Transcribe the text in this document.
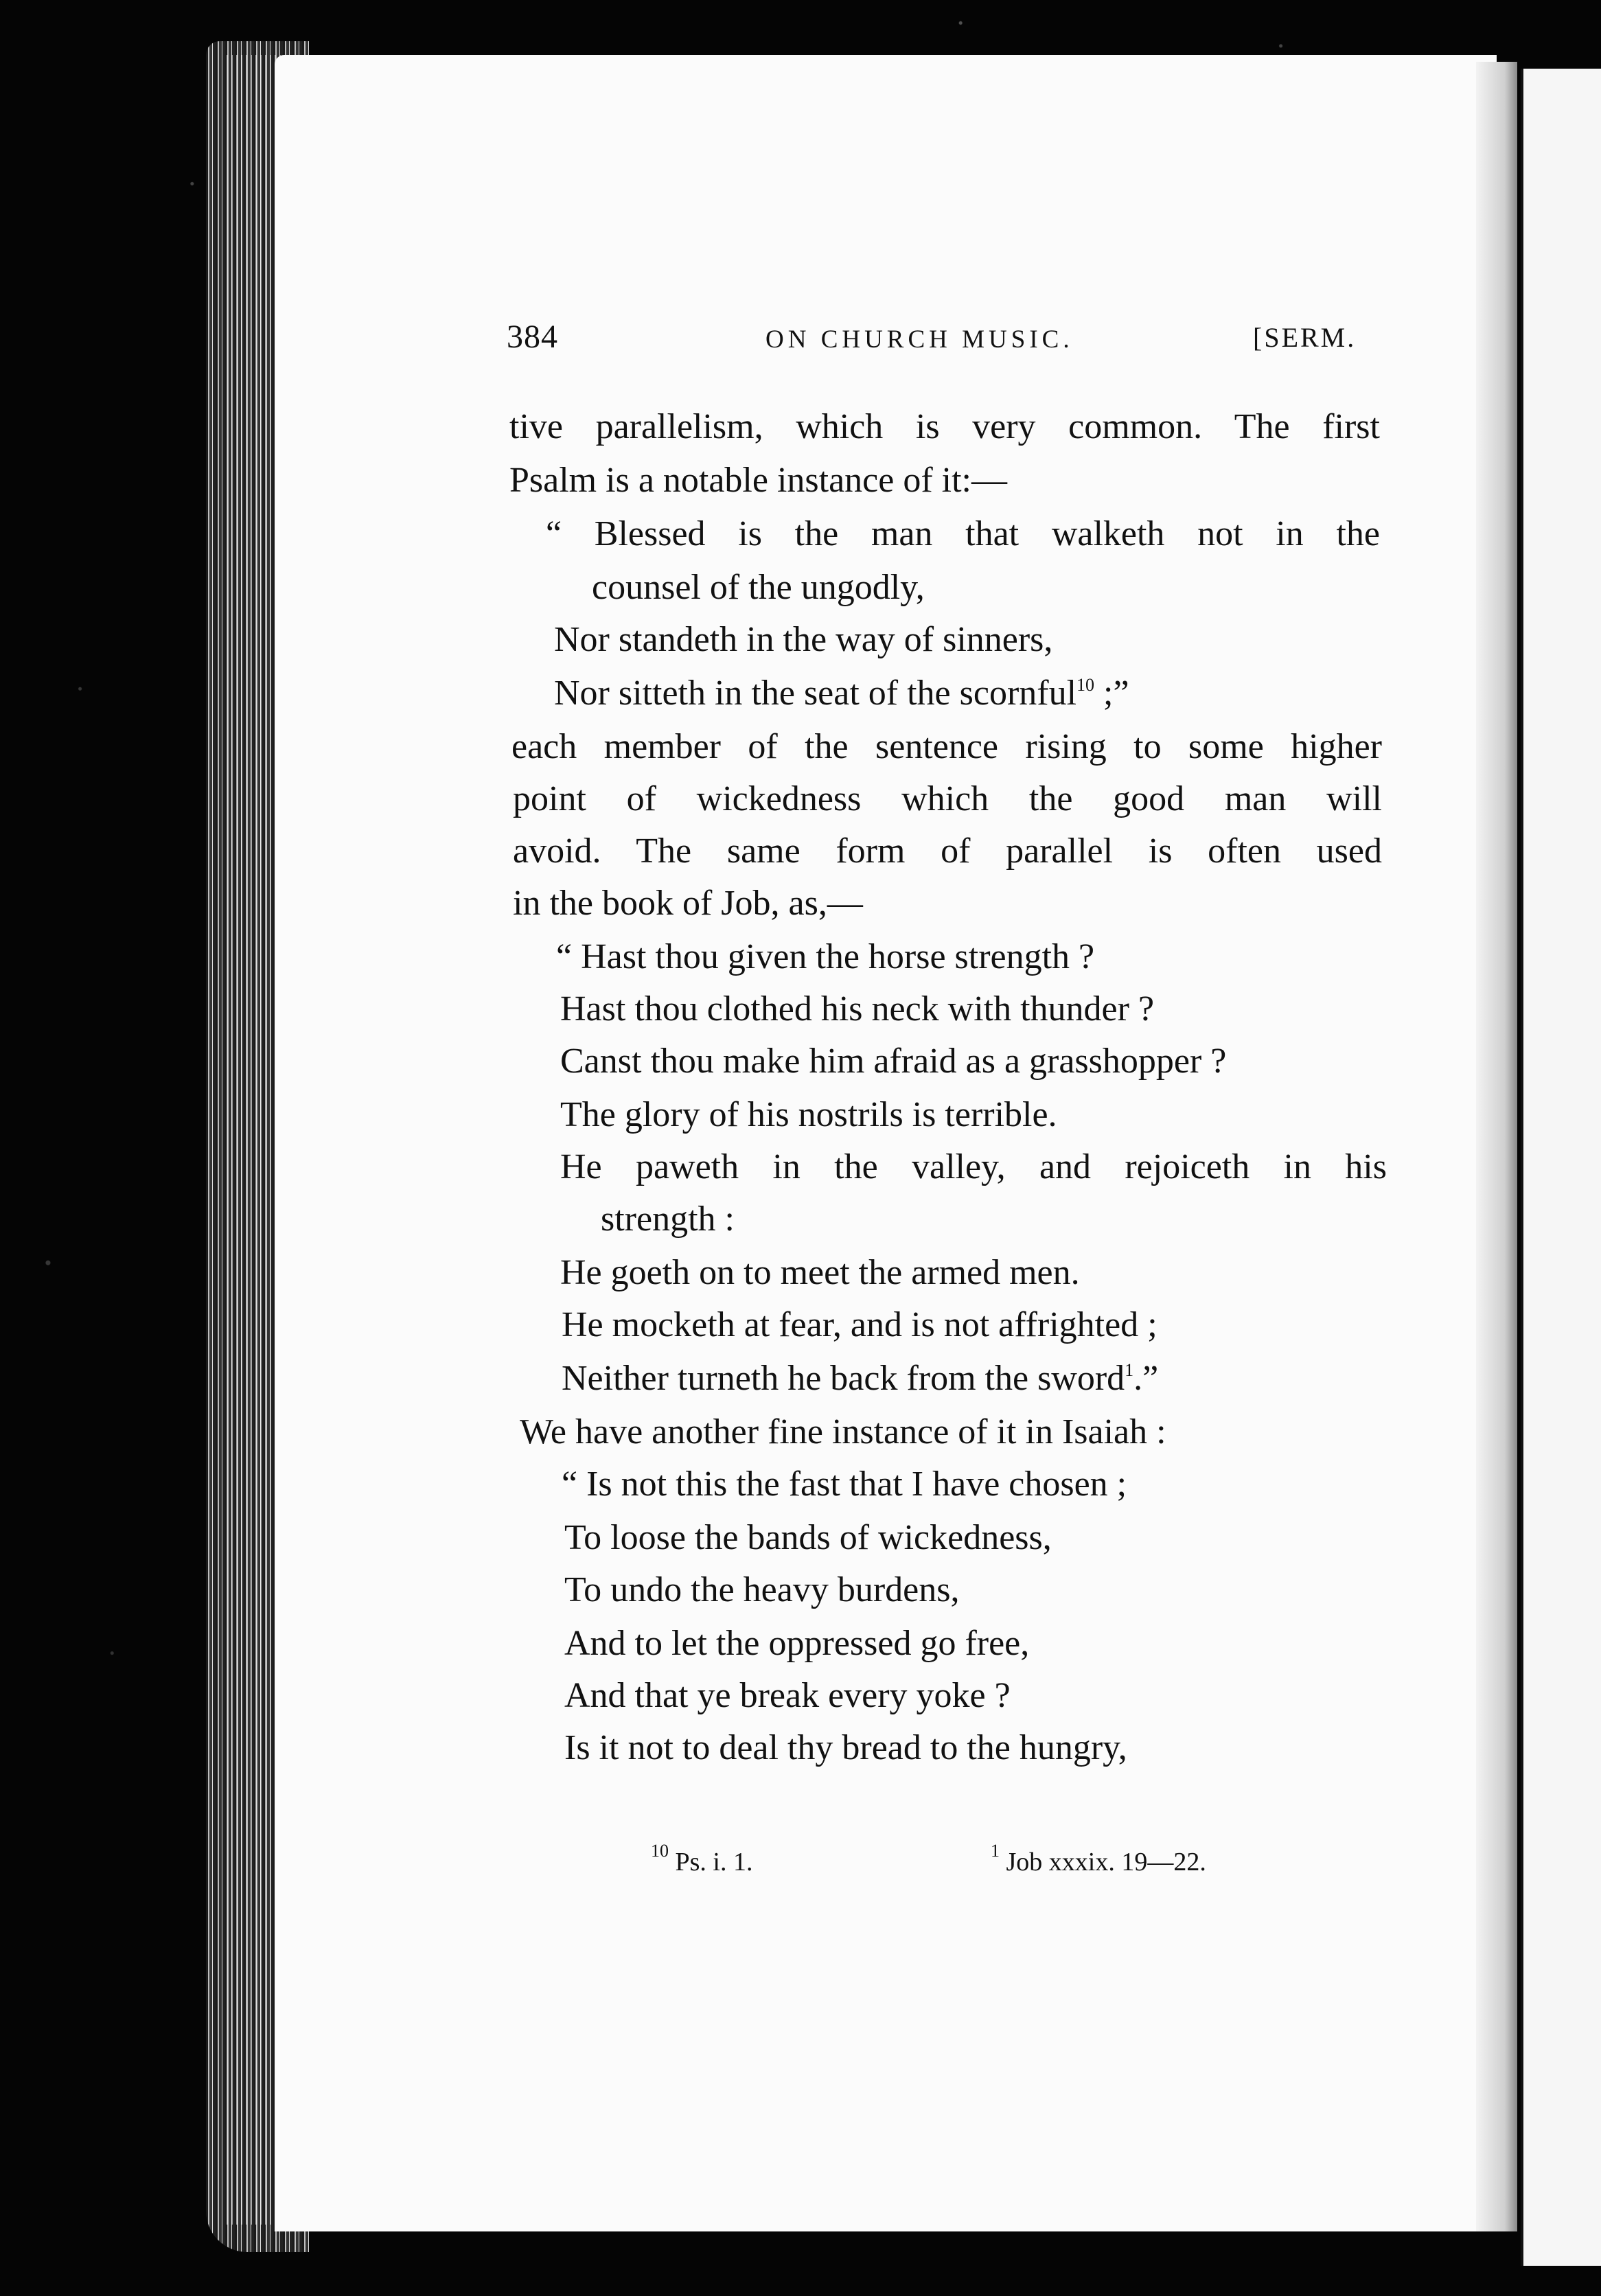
384	ON CHURCH MUSIC.	[SERM.
tive parallelism, which is very common. The first
Psalm is a notable instance of it:—
“ Blessed is the man that walketh not in the
counsel of the ungodly,
Nor standeth in the way of sinners,
Nor sitteth in the seat of the scornful$^{10}$ ;”
each member of the sentence rising to some higher
point of wickedness which the good man will
avoid. The same form of parallel is often used
in the book of Job, as,—
“ Hast thou given the horse strength ?
Hast thou clothed his neck with thunder ?
Canst thou make him afraid as a grasshopper ?
The glory of his nostrils is terrible.
He paweth in the valley, and rejoiceth in his
strength :
He goeth on to meet the armed men.
He mocketh at fear, and is not affrighted ;
Neither turneth he back from the sword$^1$.”
We have another fine instance of it in Isaiah :
“ Is not this the fast that I have chosen ;
To loose the bands of wickedness,
To undo the heavy burdens,
And to let the oppressed go free,
And that ye break every yoke ?
Is it not to deal thy bread to the hungry,
$^{10}$ Ps. i. 1.	$^1$ Job xxxix. 19—22.
